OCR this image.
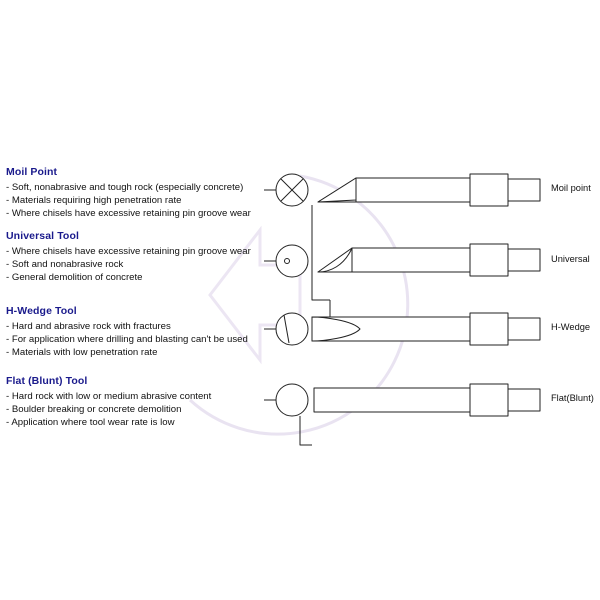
Moil Point

- Soft, nonabrasive and tough rock (especially concrete)

- Materials requiring high penetration rate

- Where chisels have excessive retaining pin groove wear

Universal Tool

- Where chisels have excessive retaining pin groove wear

- Soft and nonabrasive rock

- General demolition of concrete

H-Wedge Tool

- Hard and abrasive rock with fractures

- For application where drilling and blasting can't be used

- Materials with low penetration rate

Flat (Blunt) Tool

- Hard rock with low or medium abrasive content

- Boulder breaking or concrete demolition

- Application where tool wear rate is low

Moil point
Universal
H-Wedge
Flat(Blunt)
